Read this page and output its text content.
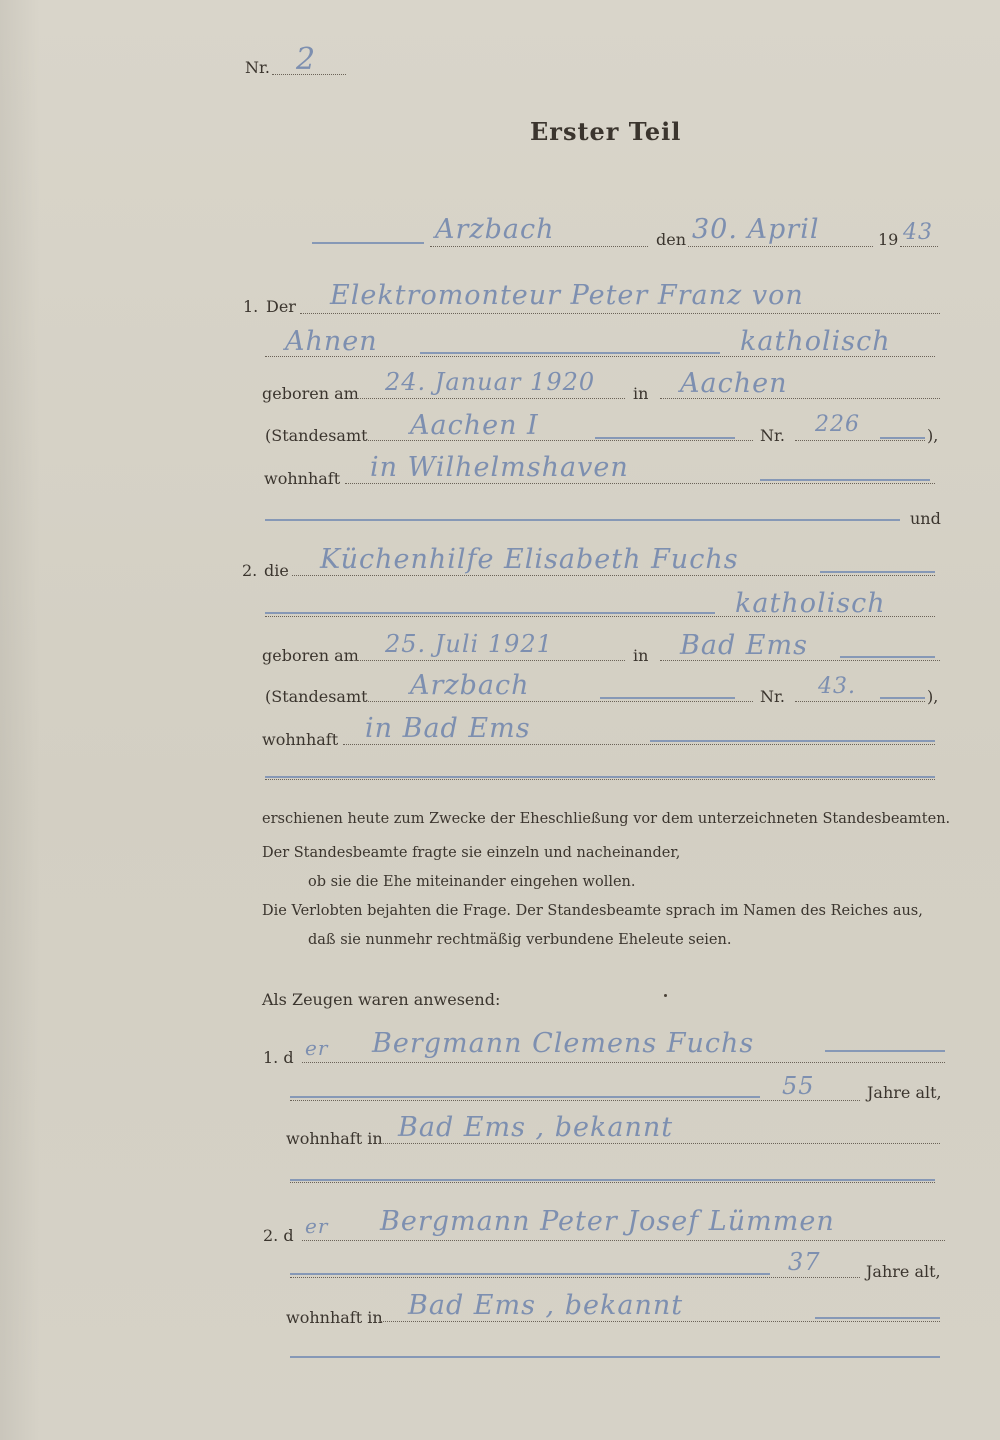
Nr. 2
Erster Teil
Arzbach	den 30. April	19 43
1. Der Elektromonteur Peter Franz von
Ahnen	katholisch
geboren am 24. Januar 1920 in Aachen
(Standesamt Aachen I	Nr. 226	),
wohnhaft in Wilhelmshaven
und
2. die Küchenhilfe Elisabeth Fuchs
katholisch
geboren am 25. Juli 1921	in Bad Ems
(Standesamt Arzbach	Nr. 43.	),
wohnhaft in Bad Ems
erschienen heute zum Zwecke der Eheschließung vor dem unterzeichneten Standesbeamten.
Der Standesbeamte fragte sie einzeln und nacheinander,
ob sie die Ehe miteinander eingehen wollen.
Die Verlobten bejahten die Frage. Der Standesbeamte sprach im Namen des Reiches aus,
daß sie nunmehr rechtmäßig verbundene Eheleute seien.
Als Zeugen waren anwesend:
1. d er Bergmann Clemens Fuchs
55	Jahre alt,
wohnhaft in Bad Ems , bekannt
2. d er Bergmann Peter Josef Lümmen
37	Jahre alt,
wohnhaft in Bad Ems , bekannt
